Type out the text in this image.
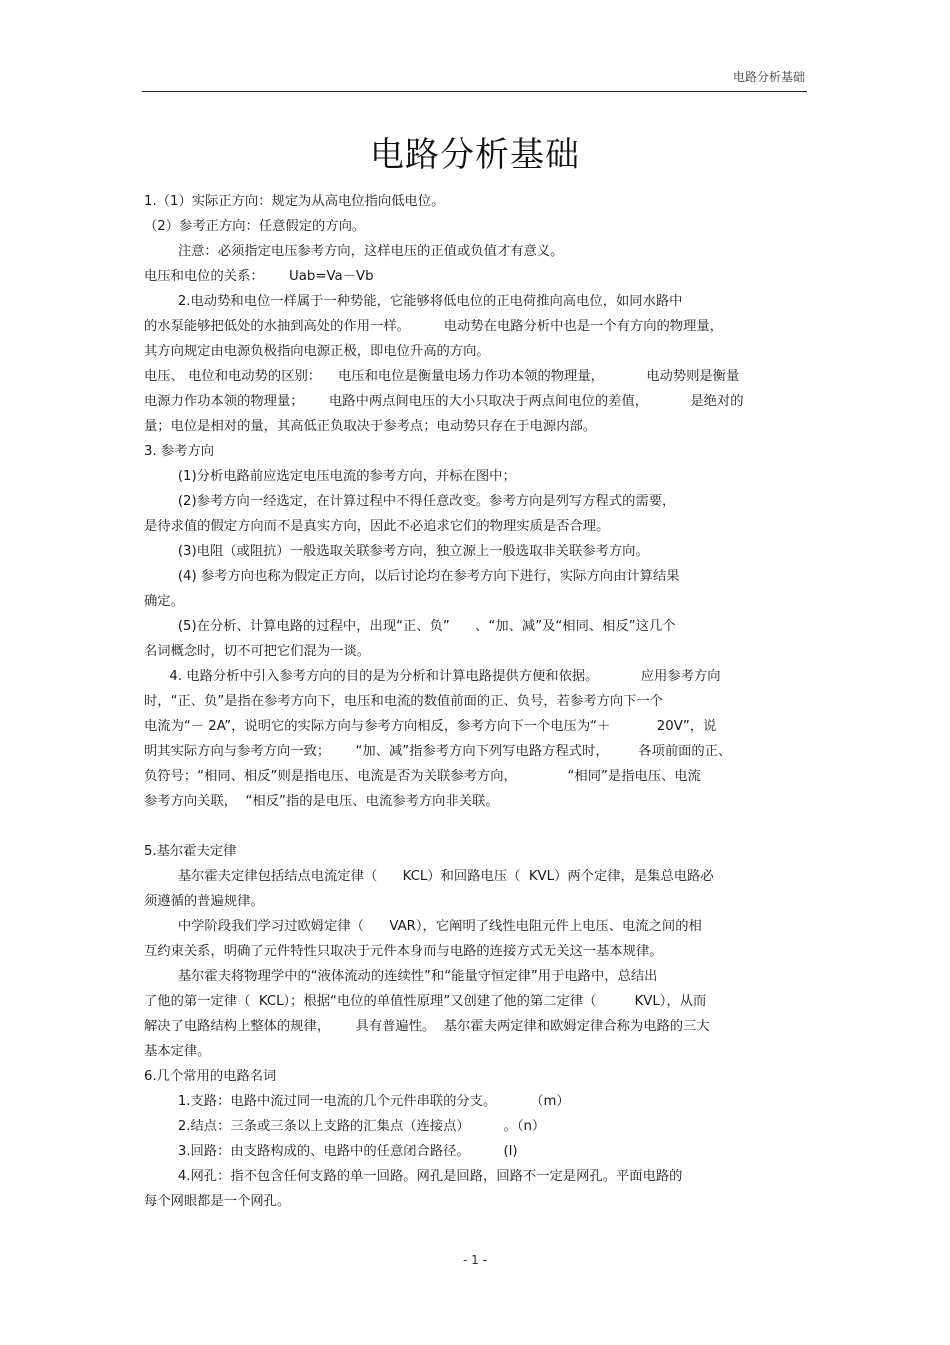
电路分析基础
电路分析基础
1.（1）实际正方向：规定为从高电位指向低电位。
（2）参考正方向：任意假定的方向。
注意：必须指定电压参考方向，这样电压的正值或负值才有意义。
电压和电位的关系：      Uab=Va－Vb
2.电动势和电位一样属于一种势能，它能够将低电位的正电荷推向高电位，如同水路中
的水泵能够把低处的水抽到高处的作用一样。        电动势在电路分析中也是一个有方向的物理量，
其方向规定由电源负极指向电源正极，即电位升高的方向。
电压、 电位和电动势的区别：    电压和电位是衡量电场力作功本领的物理量，          电动势则是衡量
电源力作功本领的物理量；      电路中两点间电压的大小只取决于两点间电位的差值，          是绝对的
量；电位是相对的量，其高低正负取决于参考点；电动势只存在于电源内部。
3. 参考方向
(1)分析电路前应选定电压电流的参考方向，并标在图中；
(2)参考方向一经选定，在计算过程中不得任意改变。参考方向是列写方程式的需要，
是待求值的假定方向而不是真实方向，因此不必追求它们的物理实质是否合理。
(3)电阻（或阻抗）一般选取关联参考方向，独立源上一般选取非关联参考方向。
(4) 参考方向也称为假定正方向，以后讨论均在参考方向下进行，实际方向由计算结果
确定。
(5)在分析、计算电路的过程中，出现“正、负”      、“加、减”及“相同、相反”这几个
名词概念时，切不可把它们混为一谈。
4. 电路分析中引入参考方向的目的是为分析和计算电路提供方便和依据。          应用参考方向
时，“正、负”是指在参考方向下，电压和电流的数值前面的正、负号，若参考方向下一个
电流为“－ 2A”，说明它的实际方向与参考方向相反，参考方向下一个电压为“＋           20V”，说
明其实际方向与参考方向一致；      “加、减”指参考方向下列写电路方程式时，       各项前面的正、
负符号；“相同、相反”则是指电压、电流是否为关联参考方向，            “相同”是指电压、电流
参考方向关联，  “相反”指的是电压、电流参考方向非关联。
5.基尔霍夫定律
基尔霍夫定律包括结点电流定律（      KCL）和回路电压（  KVL）两个定律，是集总电路必
须遵循的普遍规律。
中学阶段我们学习过欧姆定律（      VAR），它阐明了线性电阻元件上电压、电流之间的相
互约束关系，明确了元件特性只取决于元件本身而与电路的连接方式无关这一基本规律。
基尔霍夫将物理学中的“液体流动的连续性”和“能量守恒定律”用于电路中，总结出
了他的第一定律（  KCL）；根据“电位的单值性原理”又创建了他的第二定律（         KVL），从而
解决了电路结构上整体的规律，      具有普遍性。  基尔霍夫两定律和欧姆定律合称为电路的三大
基本定律。
6.几个常用的电路名词
1.支路：电路中流过同一电流的几个元件串联的分支。        （m）
2.结点：三条或三条以上支路的汇集点（连接点）        。（n）
3.回路：由支路构成的、电路中的任意闭合路径。        (l)
4.网孔：指不包含任何支路的单一回路。网孔是回路，回路不一定是网孔。平面电路的
每个网眼都是一个网孔。
- 1 -
